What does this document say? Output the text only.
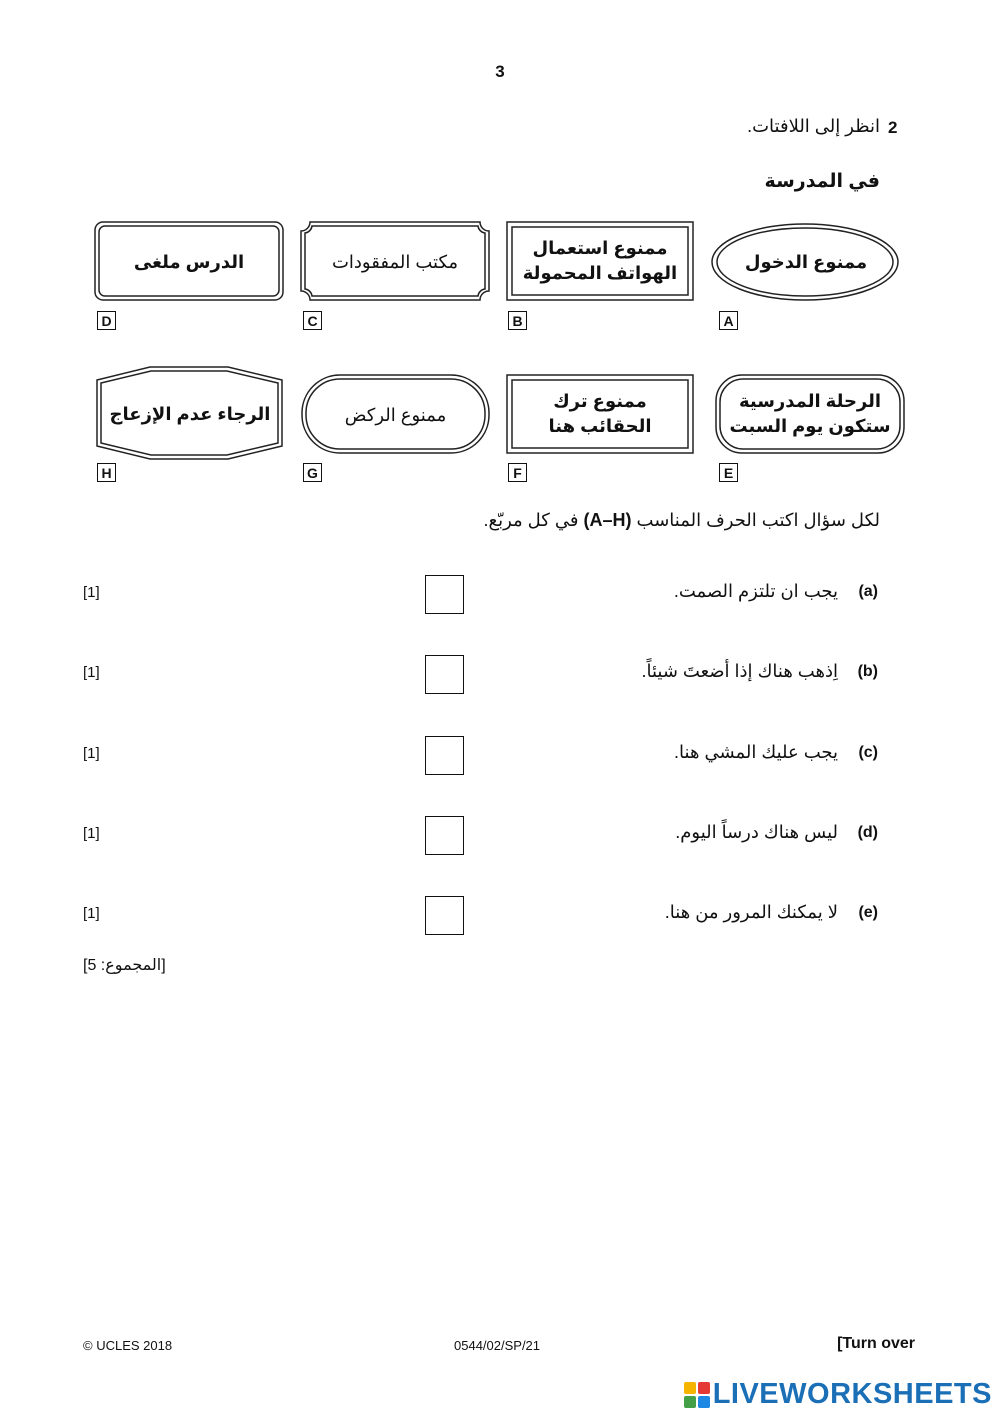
3
2
انظر إلى اللافتات.
في المدرسة
ممنوع الدخول
ممنوع استعمال الهواتف المحمولة
مكتب المفقودات
الدرس ملغى
الرحلة المدرسية ستكون يوم السبت
ممنوع ترك الحقائب هنا
ممنوع الركض
الرجاء عدم الإزعاج
A
B
C
D
E
F
G
H
لكل سؤال اكتب الحرف المناسب (A–H) في كل مربّع.
(a)
يجب ان تلتزم الصمت.
[1]
(b)
اِذهب هناك إذا أضعتَ شيئاً.
[1]
(c)
يجب عليك المشي هنا.
[1]
(d)
ليس هناك درساً اليوم.
[1]
(e)
لا يمكنك المرور من هنا.
[1]
[المجموع: 5]
© UCLES 2018	0544/02/SP/21	[Turn over
LIVEWORKSHEETS
